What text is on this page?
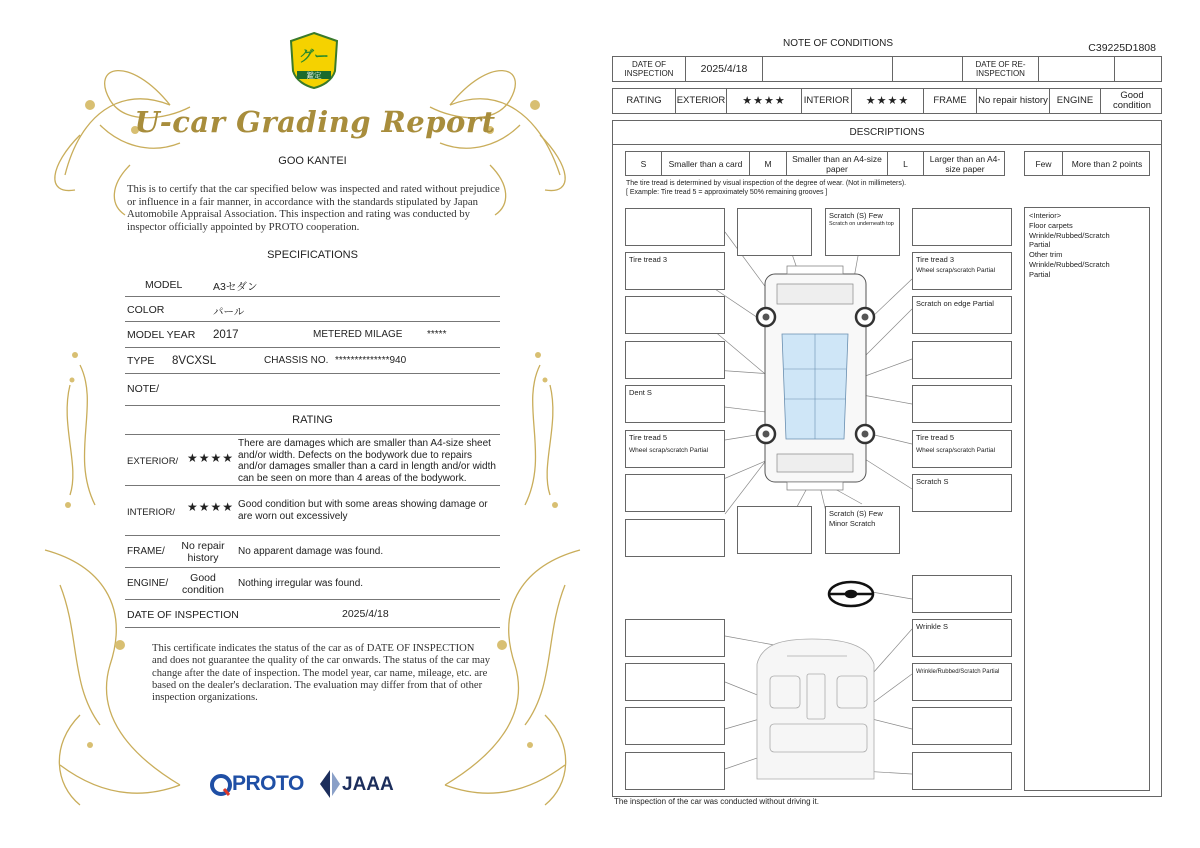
グー
鑑定
U-car Grading Report
GOO KANTEI
This is to certify that the car specified below was inspected and rated without prejudice or influence in a fair manner, in accordance with the standards stipulated by Japan Automobile Appraisal Association. This inspection and rating was conducted by inspector officially appointed by PROTO cooperation.
SPECIFICATIONS
MODEL	A3セダン
COLOR	パール
MODEL YEAR 2017	METERED MILAGE *****
TYPE 8VCXSL	CHASSIS NO. **************940
NOTE/
RATING
EXTERIOR/ ★★★★
There are damages which are smaller than A4-size sheet and/or width. Defects on the bodywork due to repairs and/or damages smaller than a card in length and/or width can be seen on more than 4 areas of the bodywork.
INTERIOR/ ★★★★ Good condition but with some areas showing damage or are worn out excessively
FRAME/	No repair history
No apparent damage was found.
ENGINE/	Good condition
Nothing irregular was found.
DATE OF INSPECTION	2025/4/18
This certificate indicates the status of the car as of DATE OF INSPECTION and does not guarantee the quality of the car onwards. The status of the car may change after the date of inspection. The model year, car name, mileage, etc. are based on the dealer's declaration. The evaluation may differ from that of other inspection organizations.
PROTO JAAA
NOTE OF CONDITIONS	C39225D1808
DATE OF INSPECTION	2025/4/18	DATE OF RE-INSPECTION
RATING	EXTERIOR	★★★★	INTERIOR	★★★★	FRAME	No repair history ENGINE	Good condition
DESCRIPTIONS
S	Smaller than a card	M	Smaller than an A4-size paper	L	Larger than an A4-size paper	Few	More than 2 points
The tire tread is determined by visual inspection of the degree of wear. (Not in millimeters).
[ Example: Tire tread 5 = approximately 50% remaining grooves ]
Tire tread 3
Dent S
Tire tread 5
Wheel scrap/scratch Partial
Scratch (S) Few
Scratch on underneath top
Scratch (S) Few
Minor Scratch
Tire tread 3
Wheel scrap/scratch Partial
Scratch on edge Partial
Tire tread 5
Wheel scrap/scratch Partial
Scratch S
Wrinkle S
Wrinkle/Rubbed/Scratch Partial
<Interior>
Floor carpets
Wrinkle/Rubbed/Scratch
Partial
Other trim
Wrinkle/Rubbed/Scratch
Partial
The inspection of the car was conducted without driving it.
